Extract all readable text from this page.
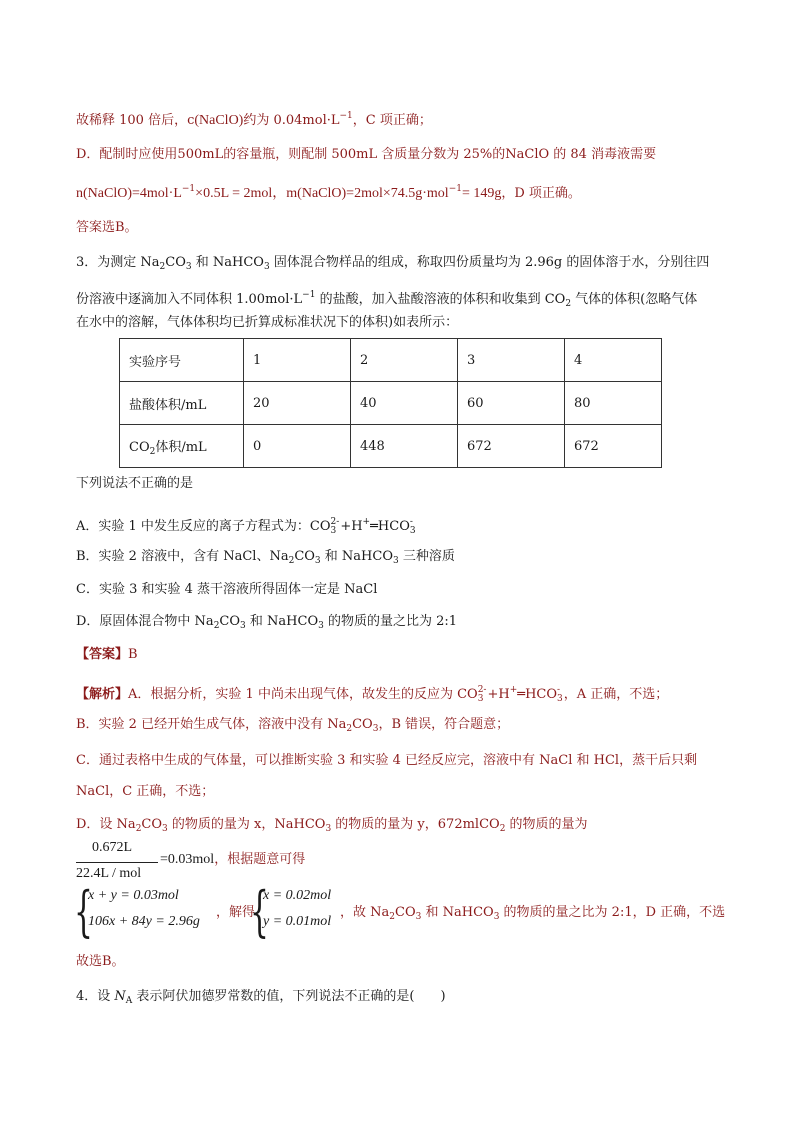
故稀释 100 倍后，c(NaClO)约为 $0.04mol\cdot L^{-1}$，C 项正确；
D．配制时应使用500mL的容量瓶，则配制 500mL 含质量分数为 25%的NaClO 的 84 消毒液需要
$n(NaClO)=4mol\cdot L^{-1}\times 0.5L = 2mol$，m(NaClO)=2mol×74.5g·mol$^{-1}$= 149g，D 项正确。
答案选B。
3．为测定 $Na_2CO_3$ 和 NaHCO$_3$ 固体混合物样品的组成，称取四份质量均为 2.96g 的固体溶于水，分别往四
份溶液中逐滴加入不同体积 $1.00mol\cdot L^{-1}$ 的盐酸，加入盐酸溶液的体积和收集到 $CO_2$ 气体的体积(忽略气体
在水中的溶解，气体体积均已折算成标准状况下的体积)如表所示：
实验序号	1	2	3	4
盐酸体积/mL	20	40	60	80
$CO_2$体积/mL	0	448	672	672
下列说法不正确的是
A．实验 1 中发生反应的离子方程式为：CO 2-
3 +H+═HCO -
3
B．实验 2 溶液中，含有 NaCl、$Na_2CO_3$ 和 NaHCO$_3$ 三种溶质
C．实验 3 和实验 4 蒸干溶液所得固体一定是 NaCl
D．原固体混合物中 $Na_2CO_3$ 和 NaHCO$_3$ 的物质的量之比为 2:1
【答案】B
【解析】A．根据分析，实验 1 中尚未出现气体，故发生的反应为 CO 2-
3 +H+═HCO -
3 ，A 正确，不选；
B．实验 2 已经开始生成气体，溶液中没有 $Na_2CO_3$，B 错误，符合题意；
C．通过表格中生成的气体量，可以推断实验 3 和实验 4 已经反应完，溶液中有 NaCl 和 HCl，蒸干后只剩
NaCl，C 正确，不选；
D．设 $Na_2CO_3$ 的物质的量为 x，NaHCO$_3$ 的物质的量为 y，672mlCO$_2$ 的物质的量为
0.672L
22.4L / mol
=0.03mol，根据题意可得
{
x + y = 0.03mol
106x + 84y = 2.96g
，解得
{
x = 0.02mol
y = 0.01mol
，故 $Na_2CO_3$ 和 NaHCO$_3$ 的物质的量之比为 2:1，D 正确，不选
故选B。
4．设 $N_A$ 表示阿伏加德罗常数的值，下列说法不正确的是(　　)
